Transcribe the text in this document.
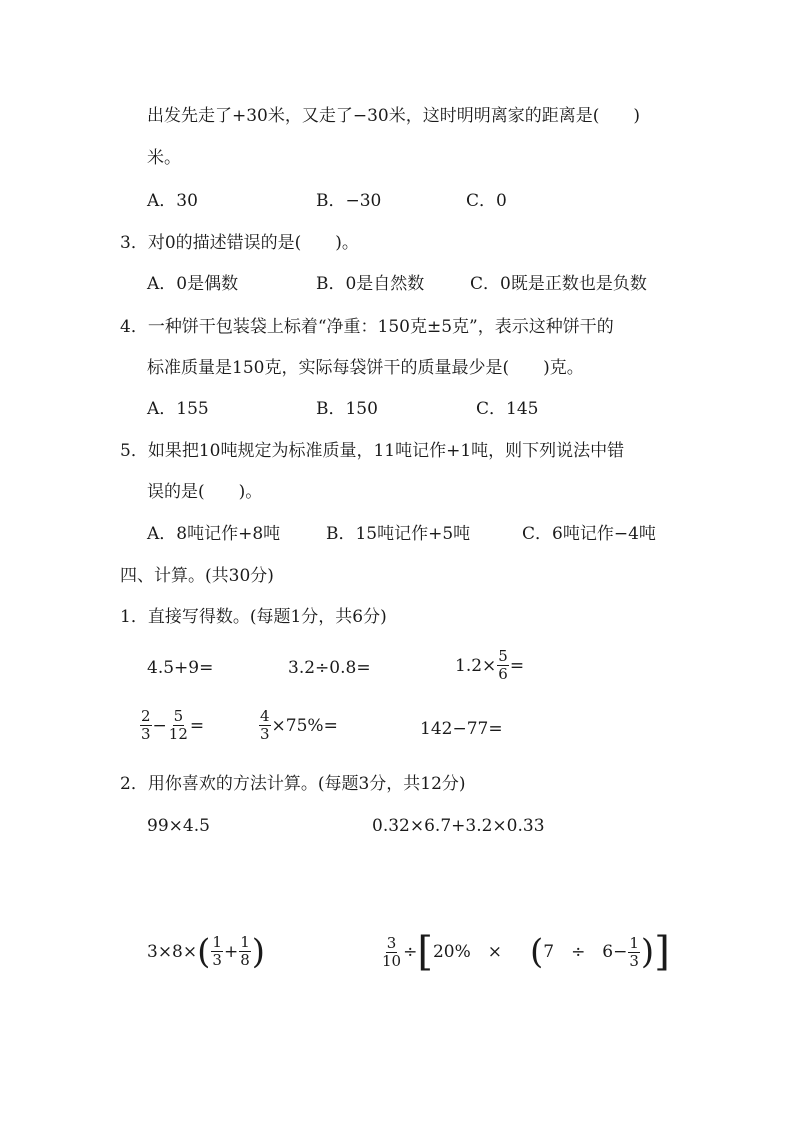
出发先走了+30米，又走了−30米，这时明明离家的距离是(　　)
米。
A．30	B．−30	C．0
3．对0的描述错误的是(　　)。
A．0是偶数	B．0是自然数	C．0既是正数也是负数
4．一种饼干包装袋上标着“净重：150克±5克”，表示这种饼干的
标准质量是150克，实际每袋饼干的质量最少是(　　)克。
A．155	B．150	C．145
5．如果把10吨规定为标准质量，11吨记作+1吨，则下列说法中错
误的是(　　)。
A．8吨记作+8吨	B．15吨记作+5吨	C．6吨记作−4吨
四、计算。(共30分)
1．直接写得数。(每题1分，共6分)
4.5+9=	3.2÷0.8=	$1.2\times \frac{5}{6}$ =
$\frac{2}{3} - \frac{5}{12}$ =	$\frac{4}{3} \times 75\%=$	142−77=
2．用你喜欢的方法计算。(每题3分，共12分)
99×4.5	0.32×6.7+3.2×0.33
3×8× ( $\frac{1}{3} + \frac{1}{8}$ )	$\frac{3}{10}$ ÷ [ 20%　× ( 7　÷　$6- \frac{1}{3}$ ) ]
